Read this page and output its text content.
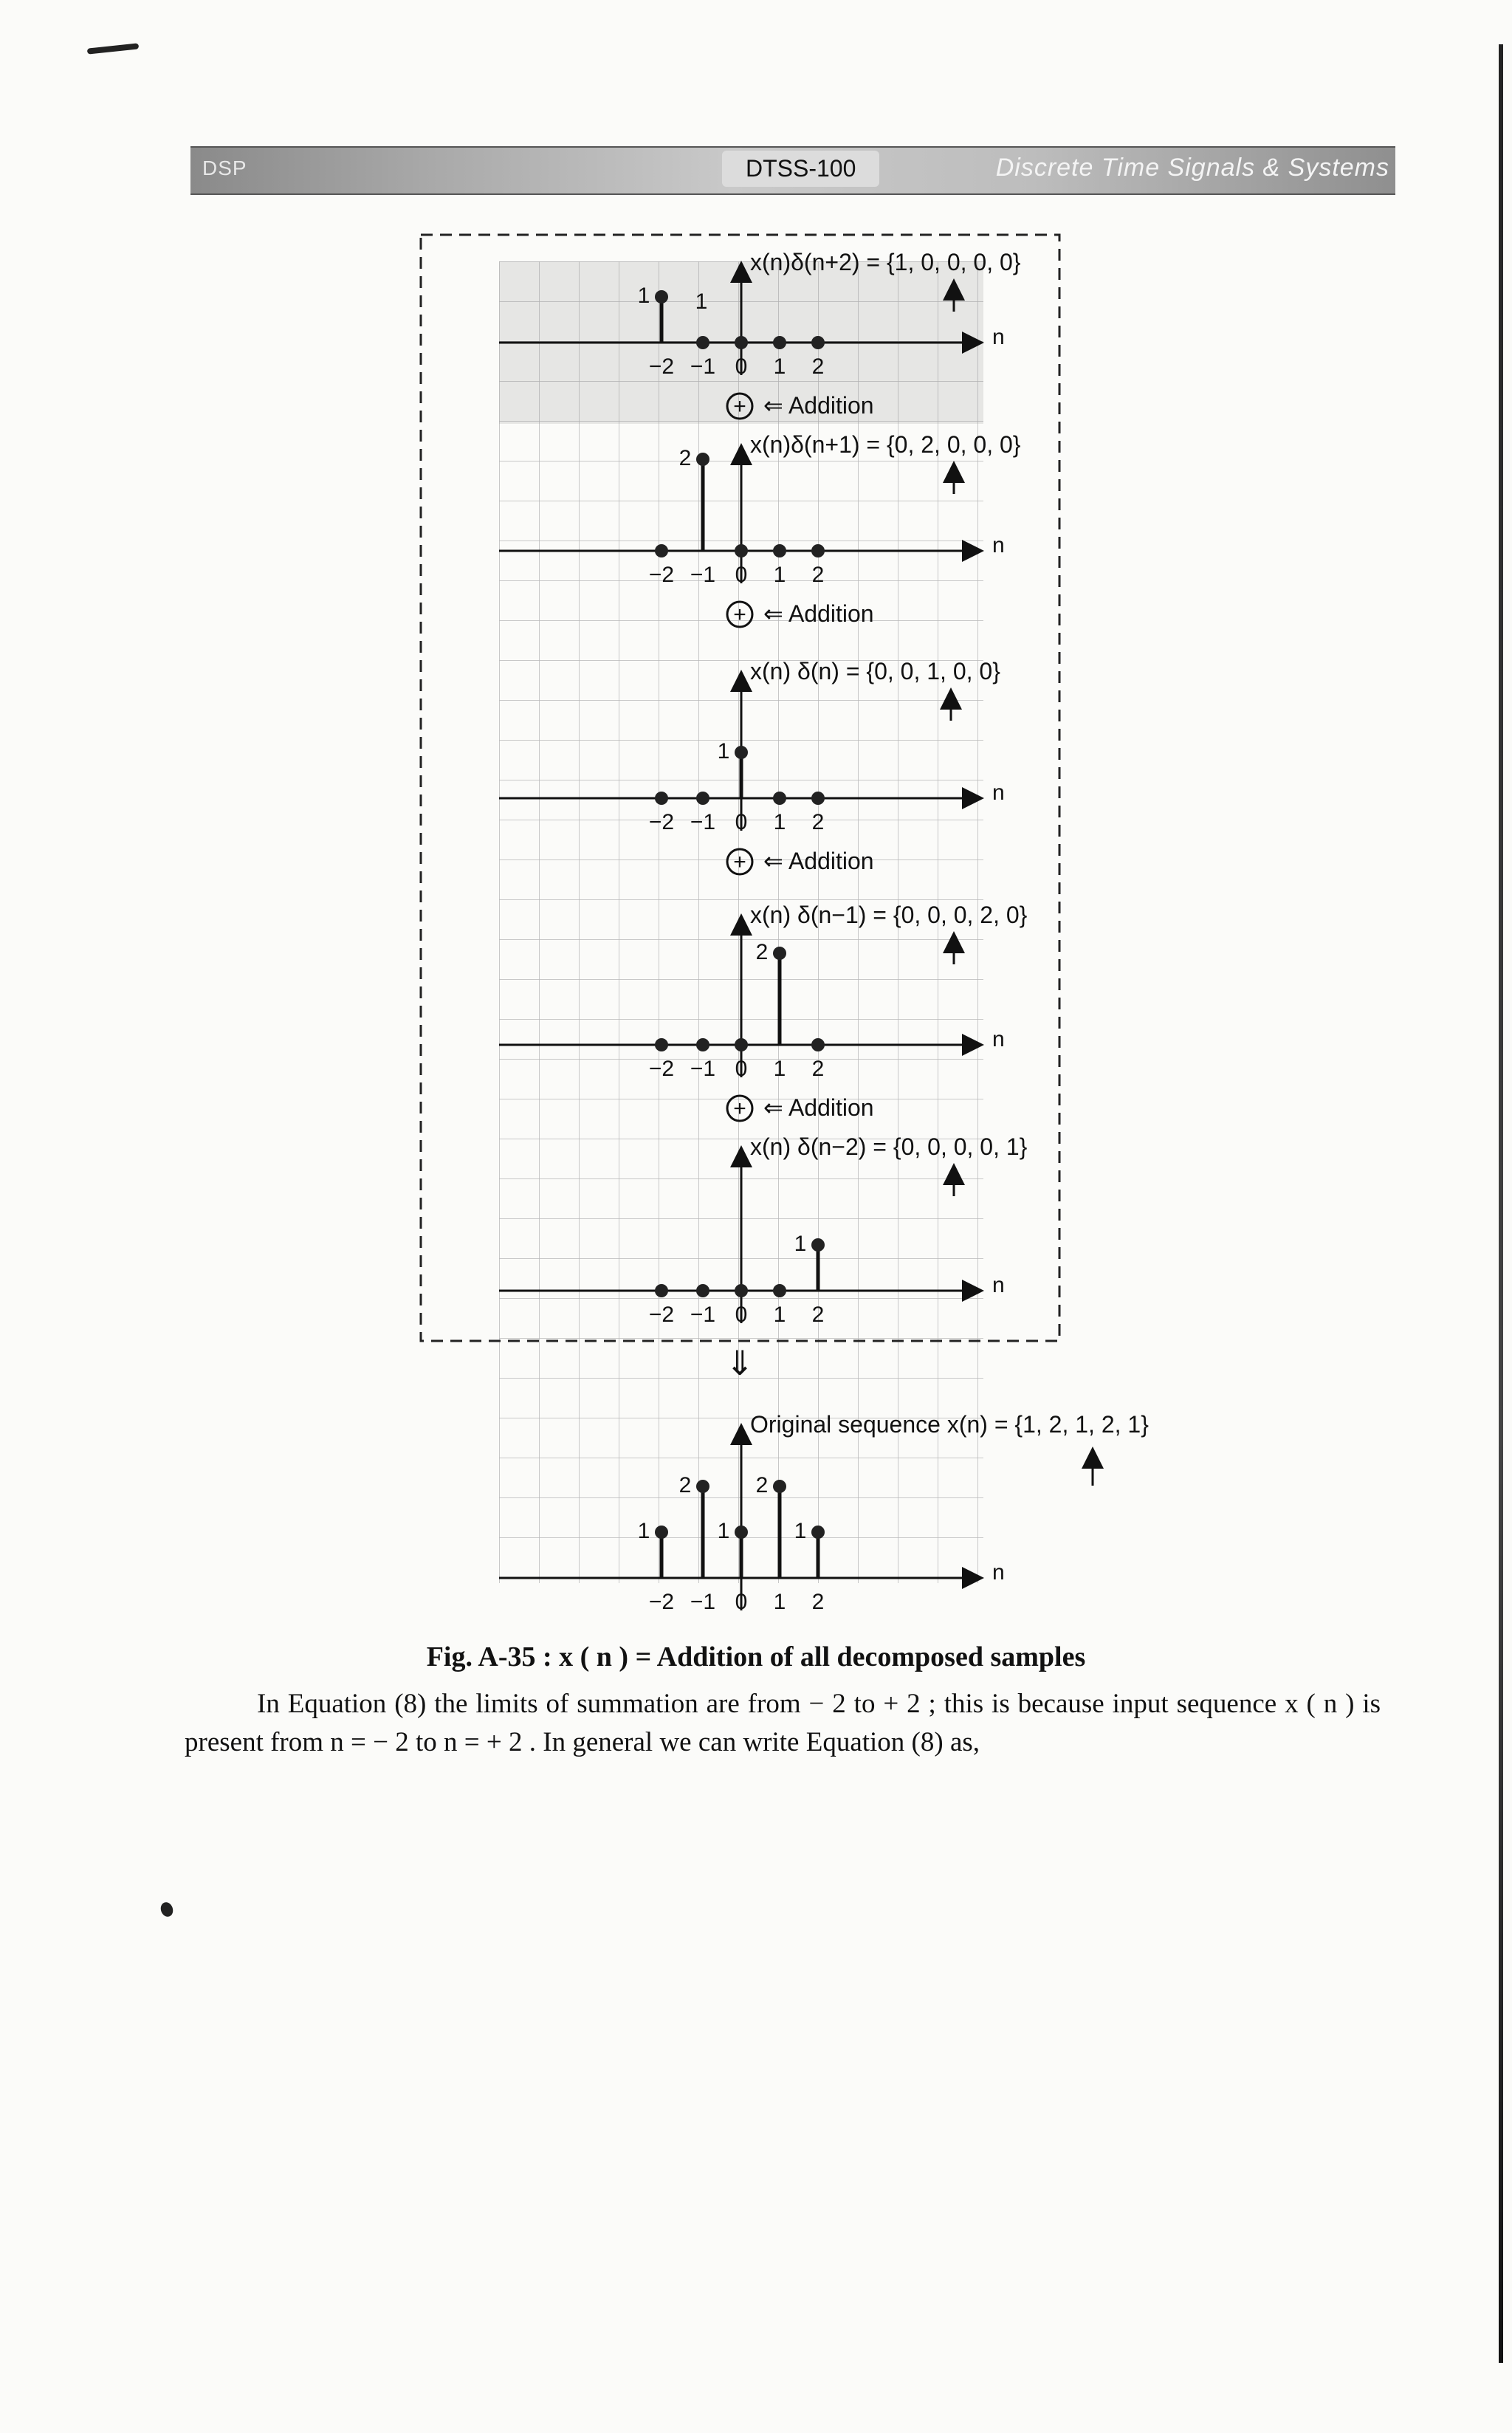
DSP	DTSS-100	Discrete Time Signals & Systems
n
x(n)δ(n+2) = {1, 0, 0, 0, 0}
−2 −1 0 1 2
1 1
+ ⇐ Addition
n
x(n)δ(n+1) = {0, 2, 0, 0, 0}
−2 −1 0 1 2
2
+ ⇐ Addition
n
x(n) δ(n) = {0, 0, 1, 0, 0}
−2 −1 0 1 2
1
+ ⇐ Addition
n
x(n) δ(n−1) = {0, 0, 0, 2, 0}
−2 −1 0 1 2
2
+ ⇐ Addition
n
x(n) δ(n−2) = {0, 0, 0, 0, 1}
−2 −1 0 1 2
1
⇓
n
Original sequence x(n) = {1, 2, 1, 2, 1}
−2 −1 0 1 2
1
2
1
2
1
Fig. A-35 : x ( n ) = Addition of all decomposed samples
In Equation (8) the limits of summation are from − 2 to + 2 ; this is because input sequence x ( n ) is present from n = − 2 to n = + 2 . In general we can write Equation (8) as,
